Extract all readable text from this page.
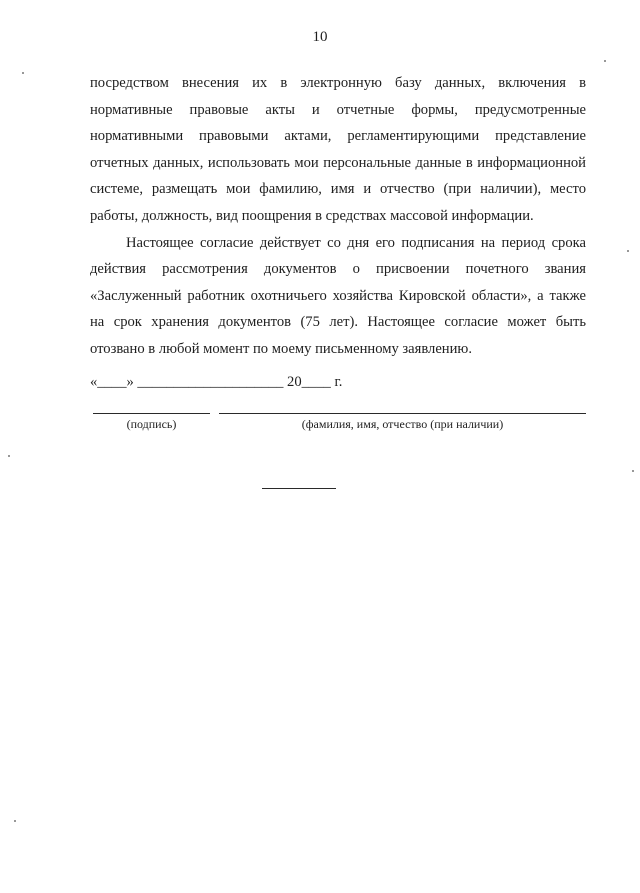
10

посредством внесения их в электронную базу данных, включения в нормативные правовые акты и отчетные формы, предусмотренные нормативными правовыми актами, регламентирующими представление отчетных данных, использовать мои персональные данные в информационной системе, размещать мои фамилию, имя и отчество (при наличии), место работы, должность, вид поощрения в средствах массовой информации.

Настоящее согласие действует со дня его подписания на период срока действия рассмотрения документов о присвоении почетного звания «Заслуженный работник охотничьего хозяйства Кировской области», а также на срок хранения документов (75 лет). Настоящее согласие может быть отозвано в любой момент по моему письменному заявлению.

«____» ____________________ 20____ г.
(подпись)	(фамилия, имя, отчество (при наличии)
